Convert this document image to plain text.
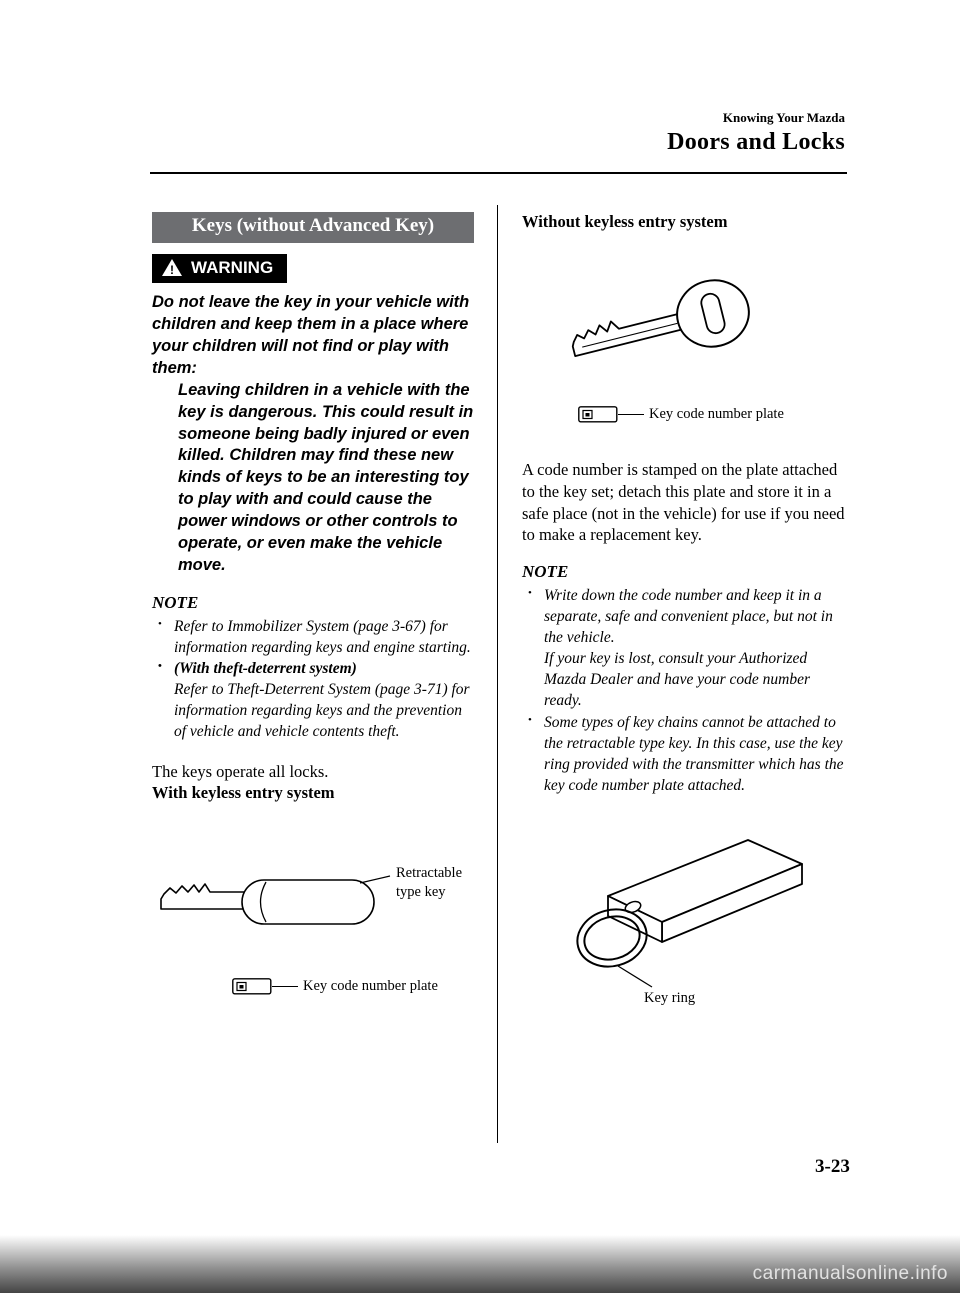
Knowing Your Mazda
Doors and Locks
Keys (without Advanced Key)
! WARNING

Do not leave the key in your vehicle with children and keep them in a place where your children will not find or play with them:

Leaving children in a vehicle with the key is dangerous. This could result in someone being badly injured or even killed. Children may find these new kinds of keys to be an interesting toy to play with and could cause the power windows or other controls to operate, or even make the vehicle move.

NOTE
• Refer to Immobilizer System (page 3-67) for information regarding keys and engine starting.
• (With theft-deterrent system)
Refer to Theft-Deterrent System (page 3-71) for information regarding keys and the prevention of vehicle and vehicle contents theft.

The keys operate all locks.

With keyless entry system

Retractable type key
Key code number plate
Without keyless entry system
Key code number plate

A code number is stamped on the plate attached to the key set; detach this plate and store it in a safe place (not in the vehicle) for use if you need to make a replacement key.

NOTE
• Write down the code number and keep it in a separate, safe and convenient place, but not in the vehicle.
If your key is lost, consult your Authorized Mazda Dealer and have your code number ready.
• Some types of key chains cannot be attached to the retractable type key. In this case, use the key ring provided with the transmitter which has the key code number plate attached.
Key ring
3-23
carmanualsonline.info
